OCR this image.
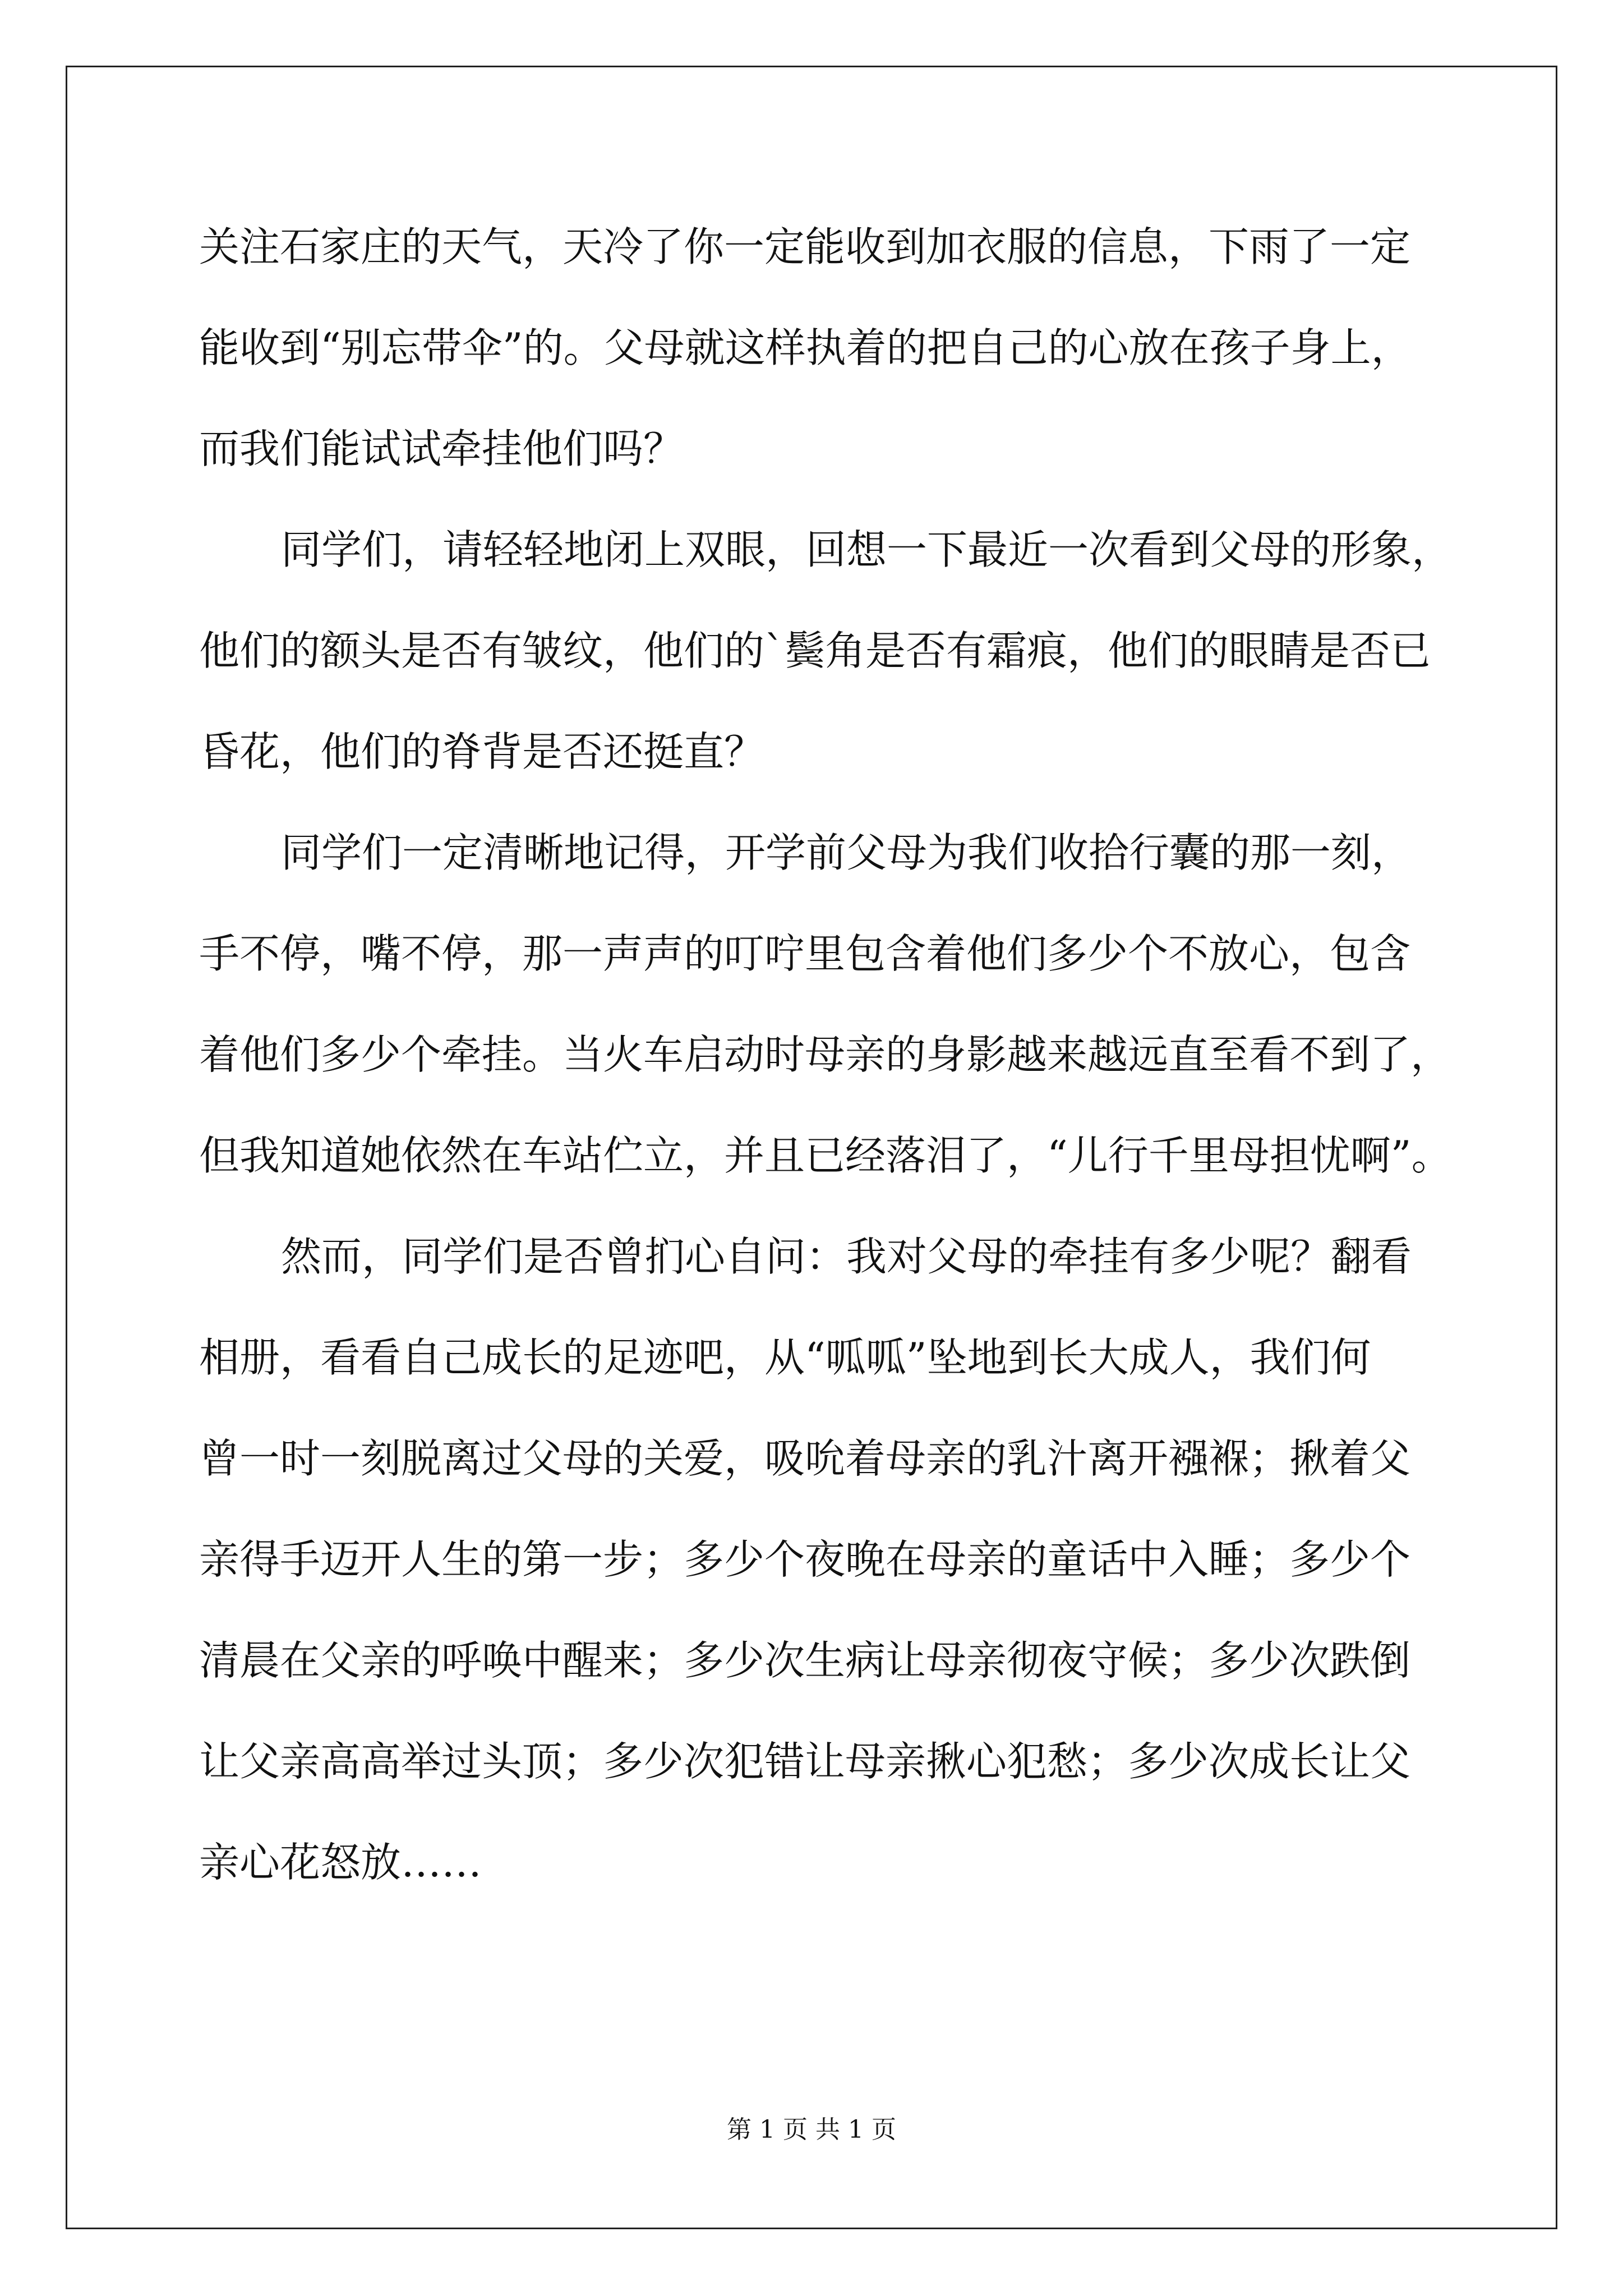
关注石家庄的天气，天冷了你一定能收到加衣服的信息，下雨了一定

能收到“别忘带伞”的。父母就这样执着的把自己的心放在孩子身上，

而我们能试试牵挂他们吗？

同学们，请轻轻地闭上双眼，回想一下最近一次看到父母的形象，

他们的额头是否有皱纹，他们的`鬓角是否有霜痕，他们的眼睛是否已

昏花，他们的脊背是否还挺直？

同学们一定清晰地记得，开学前父母为我们收拾行囊的那一刻，

手不停，嘴不停，那一声声的叮咛里包含着他们多少个不放心，包含

着他们多少个牵挂。当火车启动时母亲的身影越来越远直至看不到了，

但我知道她依然在车站伫立，并且已经落泪了，“儿行千里母担忧啊”。

然而，同学们是否曾扪心自问：我对父母的牵挂有多少呢？翻看

相册，看看自己成长的足迹吧，从“呱呱”坠地到长大成人，我们何

曾一时一刻脱离过父母的关爱，吸吮着母亲的乳汁离开襁褓；揪着父

亲得手迈开人生的第一步；多少个夜晚在母亲的童话中入睡；多少个

清晨在父亲的呼唤中醒来；多少次生病让母亲彻夜守候；多少次跌倒

让父亲高高举过头顶；多少次犯错让母亲揪心犯愁；多少次成长让父

亲心花怒放……

第 1 页 共 1 页
